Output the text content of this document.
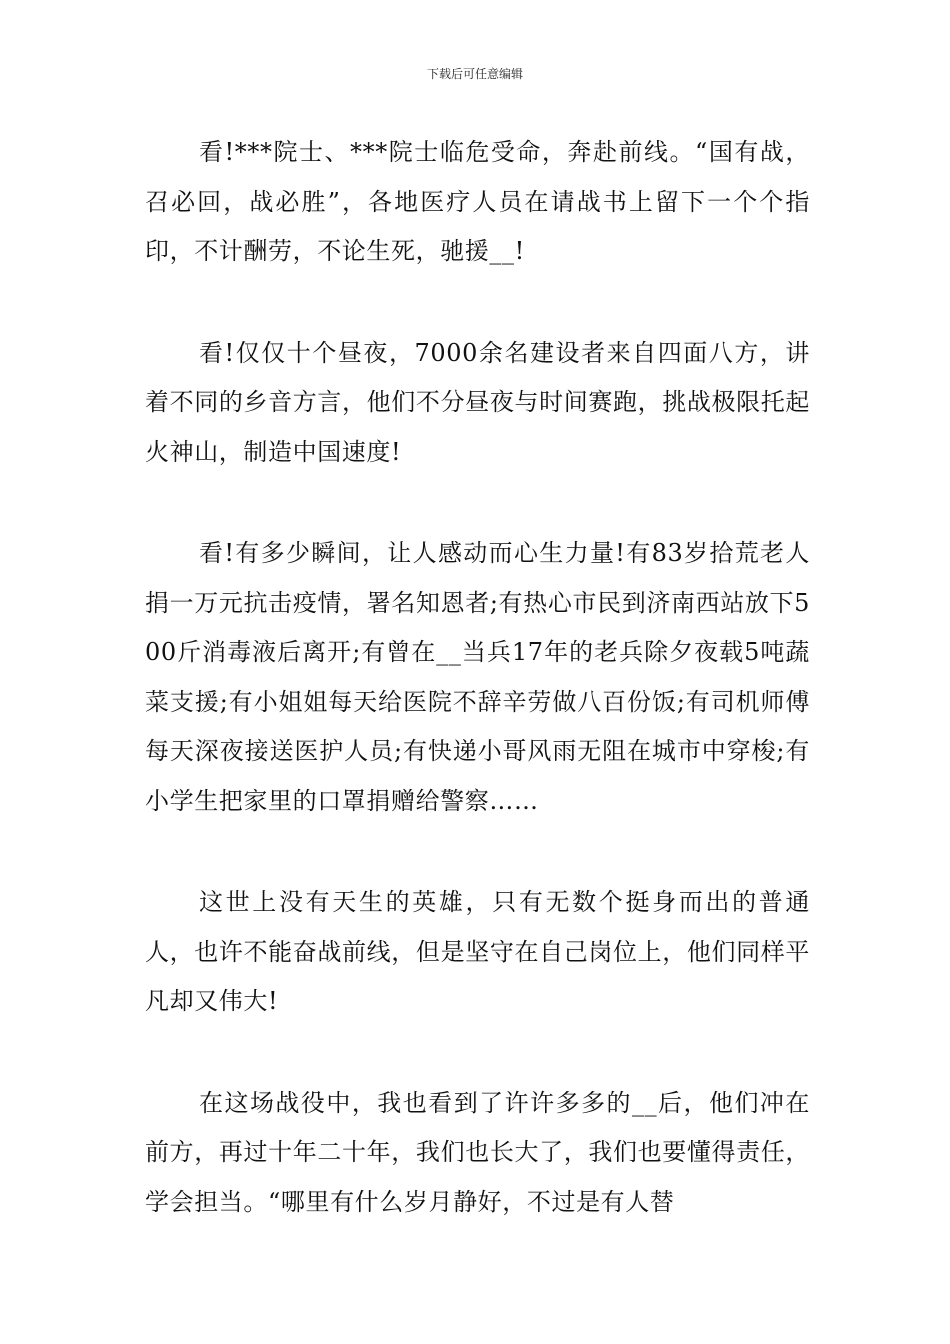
下载后可任意编辑

看!***院士、***院士临危受命，奔赴前线。“国有战，召必回，战必胜”，各地医疗人员在请战书上留下一个个指印，不计酬劳，不论生死，驰援__!

看!仅仅十个昼夜，7000余名建设者来自四面八方，讲着不同的乡音方言，他们不分昼夜与时间赛跑，挑战极限托起火神山，制造中国速度!

看!有多少瞬间，让人感动而心生力量!有83岁拾荒老人捐一万元抗击疫情，署名知恩者;有热心市民到济南西站放下500斤消毒液后离开;有曾在__当兵17年的老兵除夕夜载5吨蔬菜支援;有小姐姐每天给医院不辞辛劳做八百份饭;有司机师傅每天深夜接送医护人员;有快递小哥风雨无阻在城市中穿梭;有小学生把家里的口罩捐赠给警察……

这世上没有天生的英雄，只有无数个挺身而出的普通人，也许不能奋战前线，但是坚守在自己岗位上，他们同样平凡却又伟大!

在这场战役中，我也看到了许许多多的__后，他们冲在前方，再过十年二十年，我们也长大了，我们也要懂得责任，学会担当。“哪里有什么岁月静好，不过是有人替
